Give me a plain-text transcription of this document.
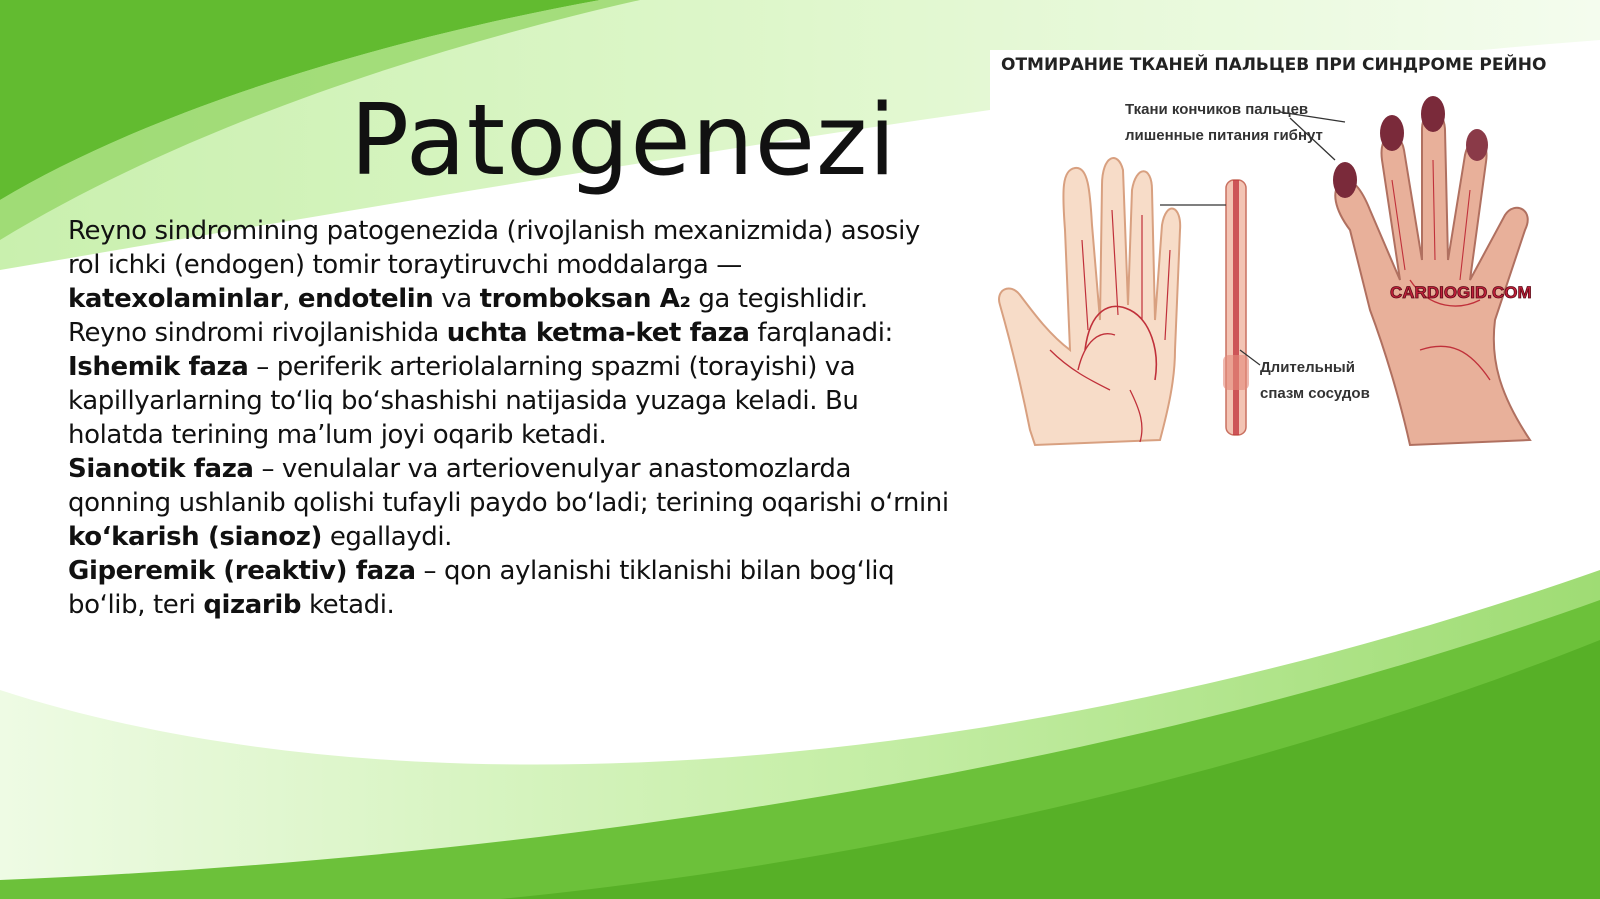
Patogenezi

Reyno sindromining patogenezida (rivojlanish mexanizmida) asosiy rol ichki (endogen) tomir toraytiruvchi moddalarga — katexolaminlar, endotelin va tromboksan A₂ ga tegishlidir.

Reyno sindromi rivojlanishida uchta ketma-ket faza farqlanadi:

Ishemik faza – periferik arteriolalarning spazmi (torayishi) va kapillyarlarning toʻliq boʻshashishi natijasida yuzaga keladi. Bu holatda terining maʼlum joyi oqarib ketadi.

Sianotik faza – venulalar va arteriovenulyar anastomozlarda qonning ushlanib qolishi tufayli paydo boʻladi; terining oqarishi oʻrnini koʻkarish (sianoz) egallaydi.

Giperemik (reaktiv) faza – qon aylanishi tiklanishi bilan bogʻliq boʻlib, teri qizarib ketadi.

ОТМИРАНИЕ ТКАНЕЙ ПАЛЬЦЕВ ПРИ СИНДРОМЕ РЕЙНО
CARDIOGID.COM
Ткани кончиков пальцев
лишенные питания гибнут
Длительный
спазм сосудов
